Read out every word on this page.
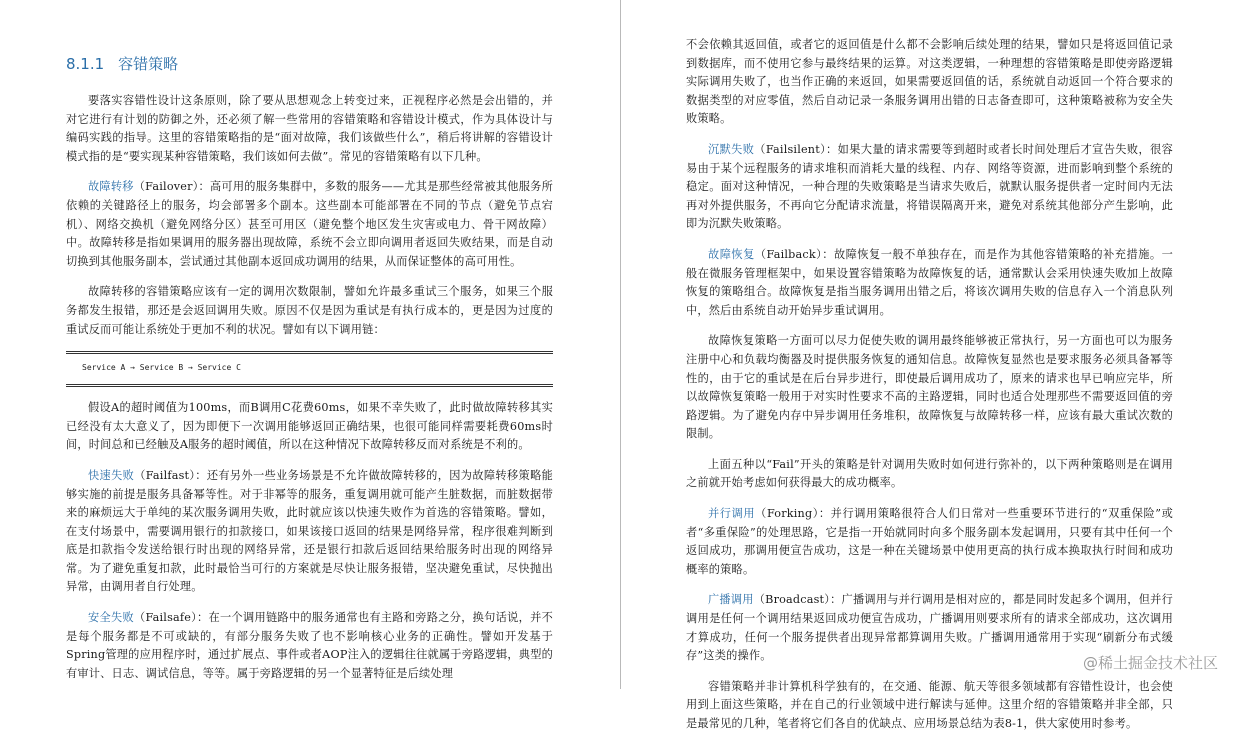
8.1.1 容错策略

要落实容错性设计这条原则，除了要从思想观念上转变过来，正视程序必然是会出错的，并对它进行有计划的防御之外，还必须了解一些常用的容错策略和容错设计模式，作为具体设计与编码实践的指导。这里的容错策略指的是“面对故障，我们该做些什么”，稍后将讲解的容错设计模式指的是“要实现某种容错策略，我们该如何去做”。常见的容错策略有以下几种。

故障转移（Failover）：高可用的服务集群中，多数的服务——尤其是那些经常被其他服务所依赖的关键路径上的服务，均会部署多个副本。这些副本可能部署在不同的节点（避免节点宕机）、网络交换机（避免网络分区）甚至可用区（避免整个地区发生灾害或电力、骨干网故障）中。故障转移是指如果调用的服务器出现故障，系统不会立即向调用者返回失败结果，而是自动切换到其他服务副本，尝试通过其他副本返回成功调用的结果，从而保证整体的高可用性。

故障转移的容错策略应该有一定的调用次数限制，譬如允许最多重试三个服务，如果三个服务都发生报错，那还是会返回调用失败。原因不仅是因为重试是有执行成本的，更是因为过度的重试反而可能让系统处于更加不利的状况。譬如有以下调用链：

Service A → Service B → Service C

假设A的超时阈值为100ms，而B调用C花费60ms，如果不幸失败了，此时做故障转移其实已经没有太大意义了，因为即便下一次调用能够返回正确结果，也很可能同样需要耗费60ms时间，时间总和已经触及A服务的超时阈值，所以在这种情况下故障转移反而对系统是不利的。

快速失败（Failfast）：还有另外一些业务场景是不允许做故障转移的，因为故障转移策略能够实施的前提是服务具备幂等性。对于非幂等的服务，重复调用就可能产生脏数据，而脏数据带来的麻烦远大于单纯的某次服务调用失败，此时就应该以快速失败作为首选的容错策略。譬如，在支付场景中，需要调用银行的扣款接口，如果该接口返回的结果是网络异常，程序很难判断到底是扣款指令发送给银行时出现的网络异常，还是银行扣款后返回结果给服务时出现的网络异常。为了避免重复扣款，此时最恰当可行的方案就是尽快让服务报错，坚决避免重试，尽快抛出异常，由调用者自行处理。

安全失败（Failsafe）：在一个调用链路中的服务通常也有主路和旁路之分，换句话说，并不是每个服务都是不可或缺的，有部分服务失败了也不影响核心业务的正确性。譬如开发基于Spring管理的应用程序时，通过扩展点、事件或者AOP注入的逻辑往往就属于旁路逻辑，典型的有审计、日志、调试信息，等等。属于旁路逻辑的另一个显著特征是后续处理

不会依赖其返回值，或者它的返回值是什么都不会影响后续处理的结果，譬如只是将返回值记录到数据库，而不使用它参与最终结果的运算。对这类逻辑，一种理想的容错策略是即使旁路逻辑实际调用失败了，也当作正确的来返回，如果需要返回值的话，系统就自动返回一个符合要求的数据类型的对应零值，然后自动记录一条服务调用出错的日志备查即可，这种策略被称为安全失败策略。

沉默失败（Failsilent）：如果大量的请求需要等到超时或者长时间处理后才宣告失败，很容易由于某个远程服务的请求堆积而消耗大量的线程、内存、网络等资源，进而影响到整个系统的稳定。面对这种情况，一种合理的失败策略是当请求失败后，就默认服务提供者一定时间内无法再对外提供服务，不再向它分配请求流量，将错误隔离开来，避免对系统其他部分产生影响，此即为沉默失败策略。

故障恢复（Failback）：故障恢复一般不单独存在，而是作为其他容错策略的补充措施。一般在微服务管理框架中，如果设置容错策略为故障恢复的话，通常默认会采用快速失败加上故障恢复的策略组合。故障恢复是指当服务调用出错之后，将该次调用失败的信息存入一个消息队列中，然后由系统自动开始异步重试调用。

故障恢复策略一方面可以尽力促使失败的调用最终能够被正常执行，另一方面也可以为服务注册中心和负载均衡器及时提供服务恢复的通知信息。故障恢复显然也是要求服务必须具备幂等性的，由于它的重试是在后台异步进行，即使最后调用成功了，原来的请求也早已响应完毕，所以故障恢复策略一般用于对实时性要求不高的主路逻辑，同时也适合处理那些不需要返回值的旁路逻辑。为了避免内存中异步调用任务堆积，故障恢复与故障转移一样，应该有最大重试次数的限制。

上面五种以“Fail”开头的策略是针对调用失败时如何进行弥补的，以下两种策略则是在调用之前就开始考虑如何获得最大的成功概率。

并行调用（Forking）：并行调用策略很符合人们日常对一些重要环节进行的“双重保险”或者“多重保险”的处理思路，它是指一开始就同时向多个服务副本发起调用，只要有其中任何一个返回成功，那调用便宣告成功，这是一种在关键场景中使用更高的执行成本换取执行时间和成功概率的策略。

广播调用（Broadcast）：广播调用与并行调用是相对应的，都是同时发起多个调用，但并行调用是任何一个调用结果返回成功便宣告成功，广播调用则要求所有的请求全部成功，这次调用才算成功，任何一个服务提供者出现异常都算调用失败。广播调用通常用于实现“刷新分布式缓存”这类的操作。

容错策略并非计算机科学独有的，在交通、能源、航天等很多领域都有容错性设计，也会使用到上面这些策略，并在自己的行业领域中进行解读与延伸。这里介绍的容错策略并非全部，只是最常见的几种，笔者将它们各自的优缺点、应用场景总结为表8-1，供大家使用时参考。

@稀土掘金技术社区
